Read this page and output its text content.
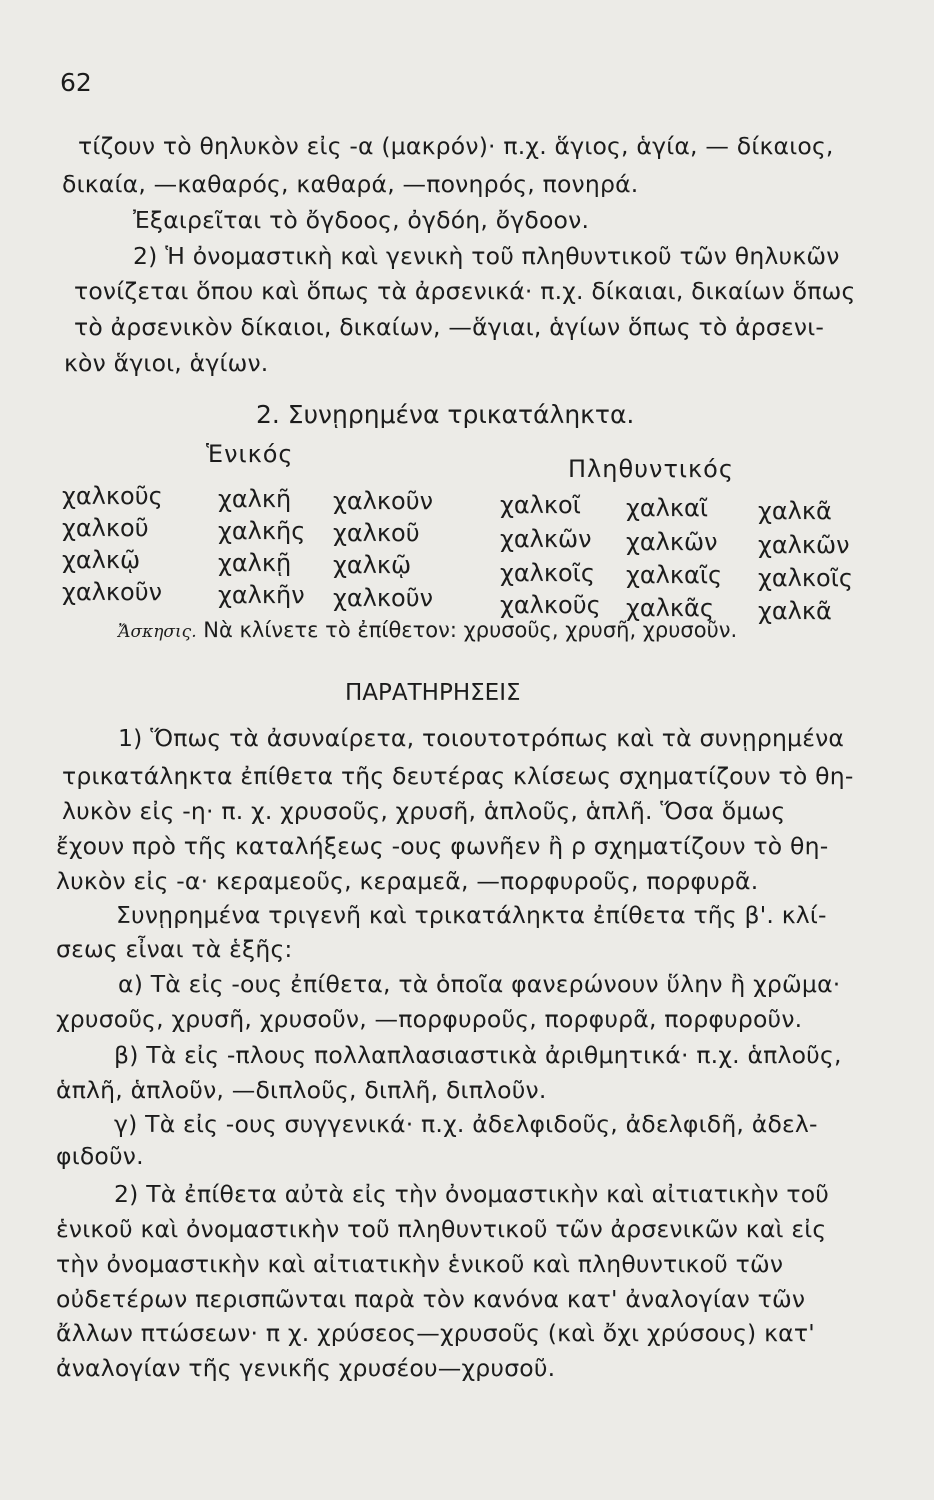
62
τίζουν τὸ θηλυκὸν εἰς -α (μακρόν)· π.χ. ἅγιος, ἁγία, — δίκαιος,
δικαία, —καθαρός, καθαρά, —πονηρός, πονηρά.
Ἐξαιρεῖται τὸ ὄγδοος, ὀγδόη, ὄγδοον.
2) Ἡ ὀνομαστικὴ καὶ γενικὴ τοῦ πληθυντικοῦ τῶν θηλυκῶν
τονίζεται ὅπου καὶ ὅπως τὰ ἀρσενικά· π.χ. δίκαιαι, δικαίων ὅπως
τὸ ἀρσενικὸν δίκαιοι, δικαίων, —ἅγιαι, ἁγίων ὅπως τὸ ἀρσενι-
κὸν ἅγιοι, ἁγίων.
2. Συνῃρημένα τρικατάληκτα.
Ἑνικός
Πληθυντικός
χαλκοῦς χαλκῆ χαλκοῦν	χαλκοῖ χαλκαῖ χαλκᾶ
χαλκοῦ	χαλκῆς χαλκοῦ	χαλκῶν χαλκῶν χαλκῶν
χαλκῷ	χαλκῇ χαλκῷ	χαλκοῖς χαλκαῖς χαλκοῖς
χαλκοῦν χαλκῆν χαλκοῦν	χαλκοῦς χαλκᾶς χαλκᾶ
Ἄσκησις. Νὰ κλίνετε τὸ ἐπίθετον: χρυσοῦς, χρυσῆ, χρυσοῦν.
ΠΑΡΑΤΗΡΗΣΕΙΣ
1) Ὅπως τὰ ἀσυναίρετα, τοιουτοτρόπως καὶ τὰ συνῃρημένα
τρικατάληκτα ἐπίθετα τῆς δευτέρας κλίσεως σχηματίζουν τὸ θη-
λυκὸν εἰς -η· π. χ. χρυσοῦς, χρυσῆ, ἁπλοῦς, ἁπλῆ. Ὅσα ὅμως
ἔχουν πρὸ τῆς καταλήξεως -ους φωνῆεν ἢ ρ σχηματίζουν τὸ θη-
λυκὸν εἰς -α· κεραμεοῦς, κεραμεᾶ, —πορφυροῦς, πορφυρᾶ.
Συνῃρημένα τριγενῆ καὶ τρικατάληκτα ἐπίθετα τῆς β'. κλί-
σεως εἶναι τὰ ἑξῆς:
α) Τὰ εἰς -ους ἐπίθετα, τὰ ὁποῖα φανερώνουν ὕλην ἢ χρῶμα·
χρυσοῦς, χρυσῆ, χρυσοῦν, —πορφυροῦς, πορφυρᾶ, πορφυροῦν.
β) Τὰ εἰς -πλους πολλαπλασιαστικὰ ἀριθμητικά· π.χ. ἁπλοῦς,
ἁπλῆ, ἁπλοῦν, —διπλοῦς, διπλῆ, διπλοῦν.
γ) Τὰ εἰς -ους συγγενικά· π.χ. ἀδελφιδοῦς, ἀδελφιδῆ, ἀδελ-
φιδοῦν.
2) Τὰ ἐπίθετα αὐτὰ εἰς τὴν ὀνομαστικὴν καὶ αἰτιατικὴν τοῦ
ἑνικοῦ καὶ ὀνομαστικὴν τοῦ πληθυντικοῦ τῶν ἀρσενικῶν καὶ εἰς
τὴν ὀνομαστικὴν καὶ αἰτιατικὴν ἑνικοῦ καὶ πληθυντικοῦ τῶν
οὐδετέρων περισπῶνται παρὰ τὸν κανόνα κατ' ἀναλογίαν τῶν
ἄλλων πτώσεων· π χ. χρύσεος—χρυσοῦς (καὶ ὄχι χρύσους) κατ'
ἀναλογίαν τῆς γενικῆς χρυσέου—χρυσοῦ.
